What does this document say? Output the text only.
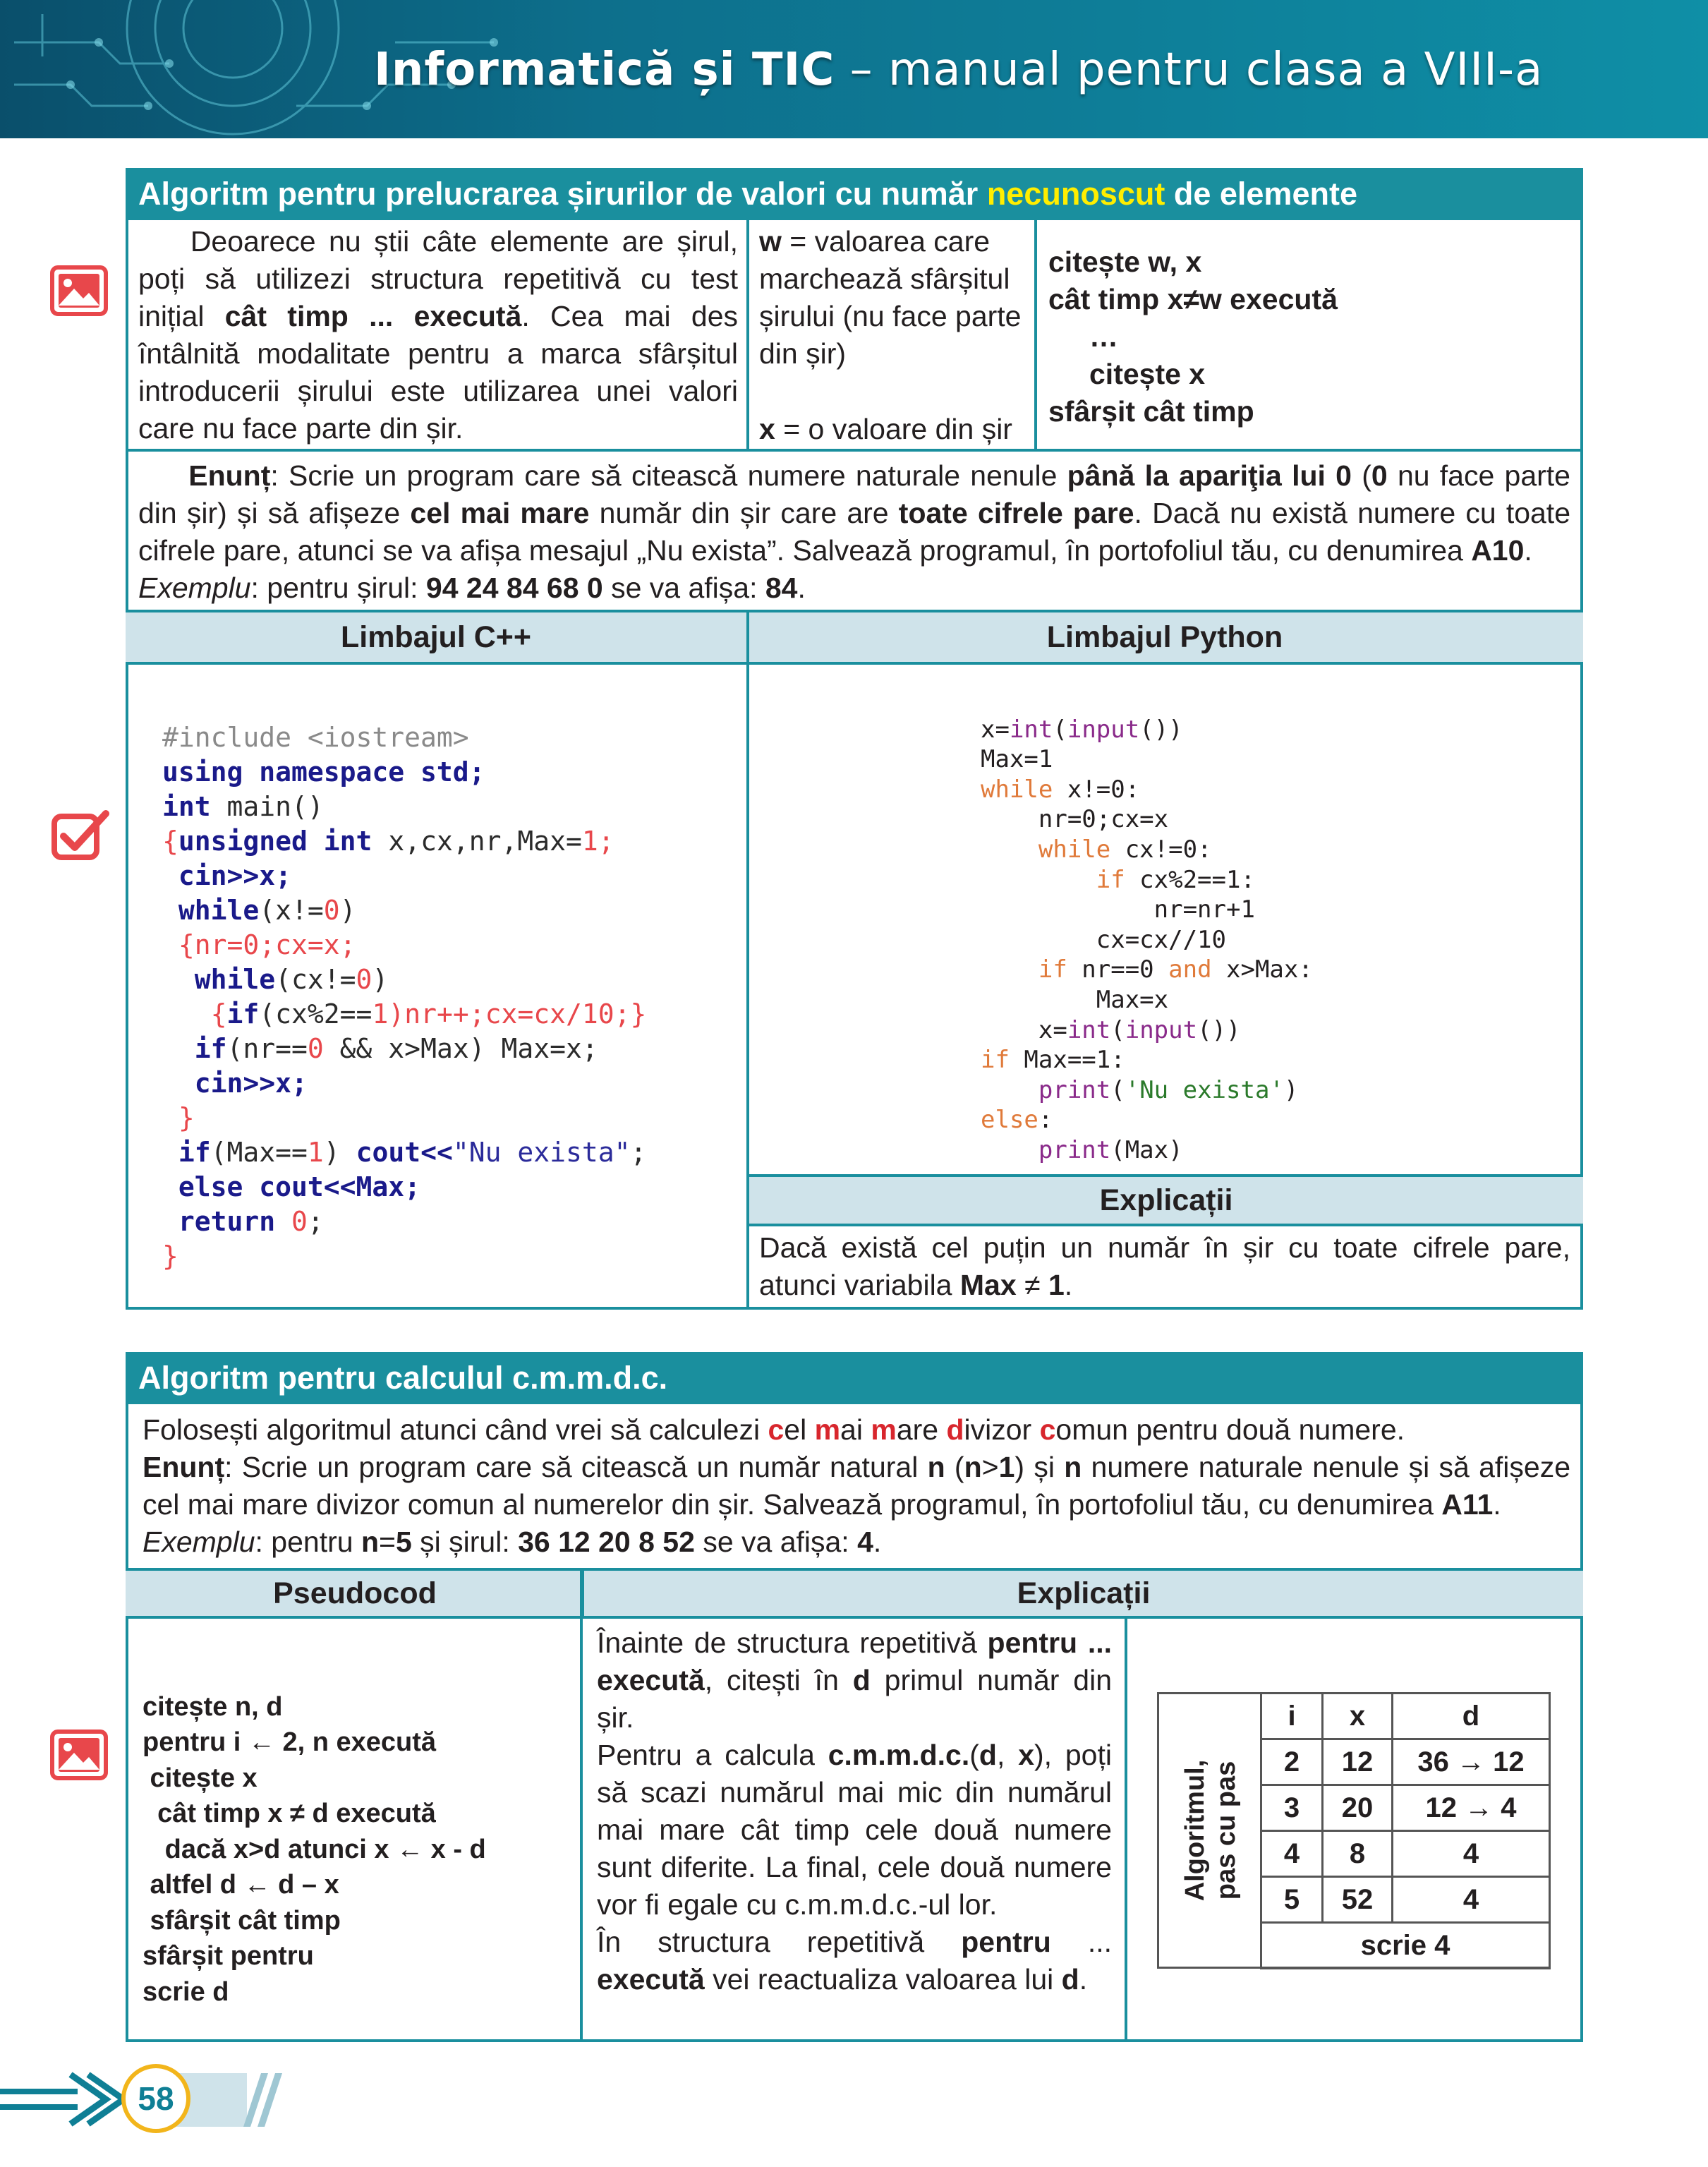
Informatică și TIC – manual pentru clasa a VIII-a
Algoritm pentru prelucrarea șirurilor de valori cu număr necunoscut de elemente
Deoarece nu știi câte elemente are șirul, poți să utilizezi structura repetitivă cu test inițial cât timp ... execută. Cea mai des întâlnită modalitate pentru a marca sfârșitul introducerii șirului este utilizarea unei valori care nu face parte din șir.
w = valoarea care marchează sfârșitul șirului (nu face parte din șir)
x = o valoare din șir
citește w, x
cât timp x≠w execută
…
citește x
sfârșit cât timp
Enunț: Scrie un program care să citească numere naturale nenule până la apariţia lui 0 (0 nu face parte din șir) și să afișeze cel mai mare număr din șir care are toate cifrele pare. Dacă nu există numere cu toate cifrele pare, atunci se va afișa mesajul „Nu exista”. Salvează programul, în portofoliul tău, cu denumirea A10.
Exemplu: pentru șirul: 94 24 84 68 0 se va afișa: 84.
Limbajul C++	Limbajul Python

#include <iostream>
using namespace std;
int main()
{unsigned int x,cx,nr,Max=1;
cin>>x;
while(x!=0)
{nr=0;cx=x;
while(cx!=0)
{if(cx%2==1)nr++;cx=cx/10;}
if(nr==0 && x>Max) Max=x;
cin>>x;
}
if(Max==1) cout<<"Nu exista";
else cout<<Max;
return 0;
}

x=int(input())
Max=1
while x!=0:
nr=0;cx=x
while cx!=0:
if cx%2==1:
nr=nr+1
cx=cx//10
if nr==0 and x>Max:
Max=x
x=int(input())
if Max==1:
print('Nu exista')
else:
print(Max)

Explicații
Dacă există cel puțin un număr în șir cu toate cifrele pare, atunci variabila Max ≠ 1.
Algoritm pentru calculul c.m.m.d.c.
Folosești algoritmul atunci când vrei să calculezi cel mai mare divizor comun pentru două numere.
Enunț: Scrie un program care să citească un număr natural n (n>1) și n numere naturale nenule și să afișeze cel mai mare divizor comun al numerelor din șir. Salvează programul, în portofoliul tău, cu denumirea A11.
Exemplu: pentru n=5 și șirul: 36 12 20 8 52 se va afișa: 4.
Pseudocod	Explicații

citește n, d
pentru i ← 2, n execută
citește x
cât timp x ≠ d execută
dacă x>d atunci x ← x - d
altfel d ← d – x
sfârșit cât timp
sfârșit pentru
scrie d

Înainte de structura repetitivă pentru ... execută, citești în d primul număr din șir.
Pentru a calcula c.m.m.d.c.(d, x), poți să scazi numărul mai mic din numărul mai mare cât timp cele două numere sunt diferite. La final, cele două numere vor fi egale cu c.m.m.d.c.-ul lor.
În structura repetitivă pentru ... execută vei reactualiza valoarea lui d.
Algoritmul, pas cu pas
i	x	d
2	12	36 → 12
3	20	12 → 4
4	8	4
5	52	4
scrie 4		
58
